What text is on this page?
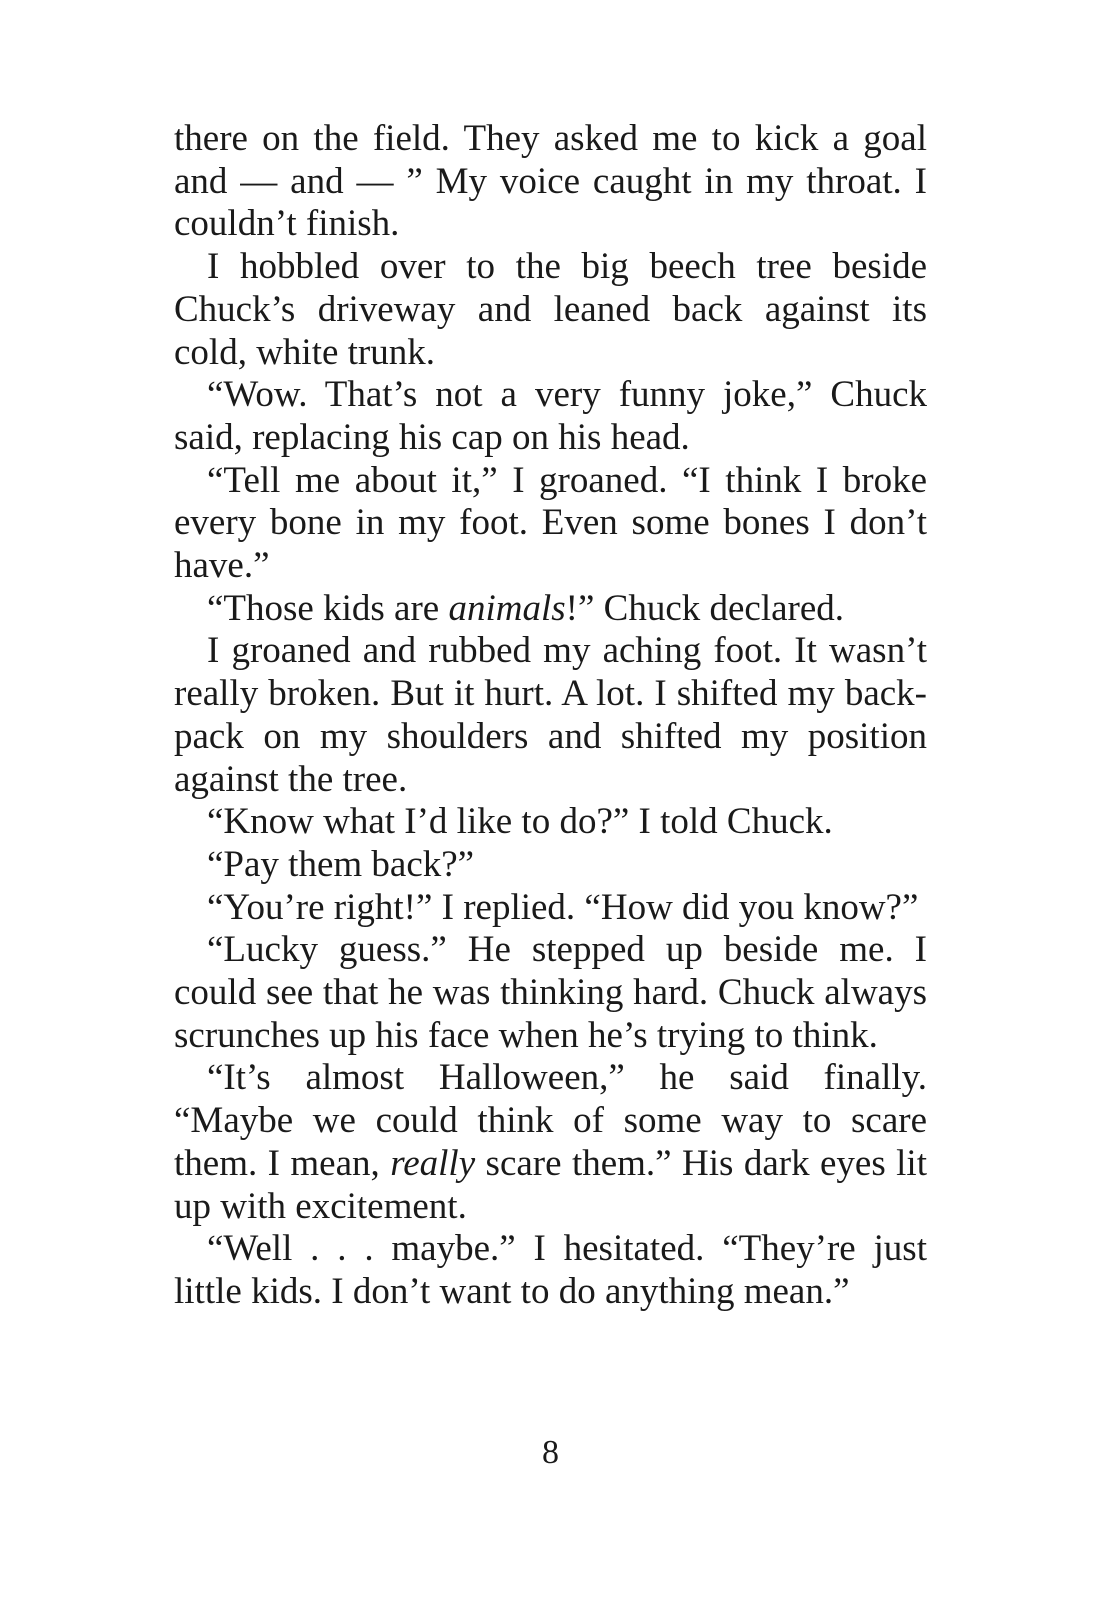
there on the field. They asked me to kick a goal and — and — ” My voice caught in my throat. I couldn’t finish.

I hobbled over to the big beech tree beside Chuck’s driveway and leaned back against its cold, white trunk.

“Wow. That’s not a very funny joke,” Chuck said, replacing his cap on his head.

“Tell me about it,” I groaned. “I think I broke every bone in my foot. Even some bones I don’t have.”

“Those kids are animals!” Chuck declared.

I groaned and rubbed my aching foot. It wasn’t really broken. But it hurt. A lot. I shifted my backpack on my shoulders and shifted my position against the tree.

“Know what I’d like to do?” I told Chuck.

“Pay them back?”

“You’re right!” I replied. “How did you know?”

“Lucky guess.” He stepped up beside me. I could see that he was thinking hard. Chuck always scrunches up his face when he’s trying to think.

“It’s almost Halloween,” he said finally. “Maybe we could think of some way to scare them. I mean, really scare them.” His dark eyes lit up with excitement.

“Well . . . maybe.” I hesitated. “They’re just little kids. I don’t want to do anything mean.”

8
